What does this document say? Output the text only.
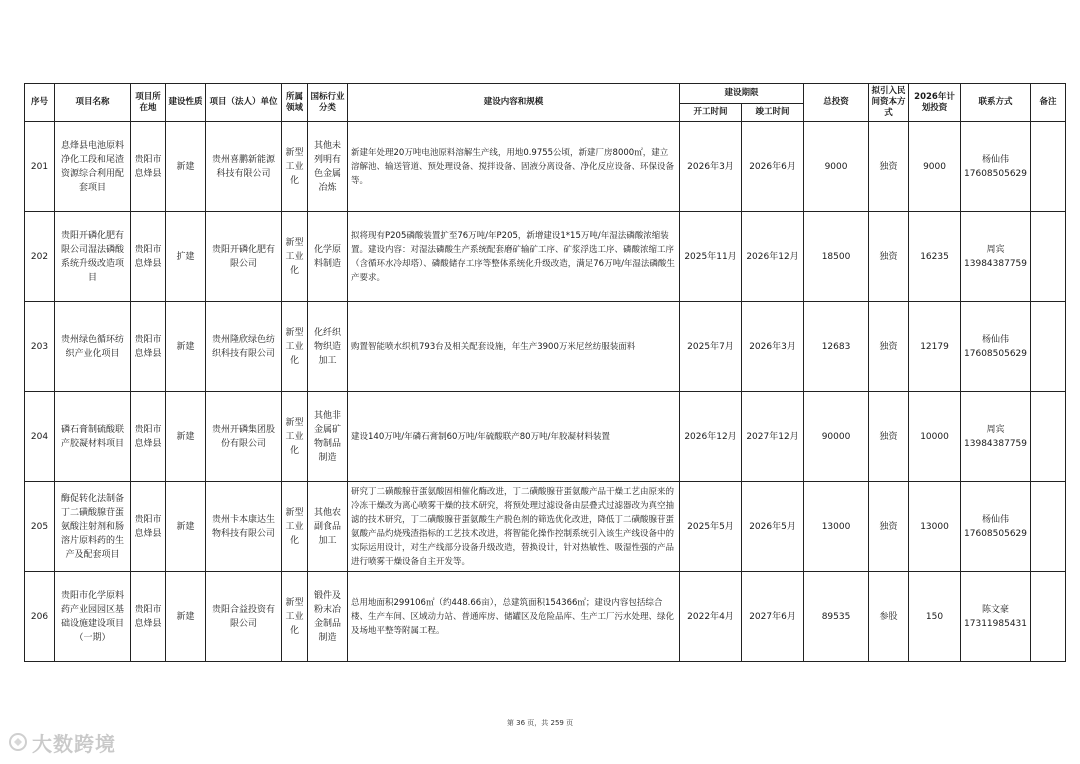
序号	项目名称	项目所在地	建设性质	项目（法人）单位	所属领域	国标行业分类	建设内容和规模	建设期限		总投资	拟引入民间资本方式	2026年计划投资	联系方式	备注
								开工时间	竣工时间					
201	息烽县电池原料净化工段和尾渣资源综合利用配套项目	贵阳市息烽县	新建	贵州喜鹏新能源科技有限公司	新型工业化	其他未列明有色金属冶炼	新建年处理20万吨电池原料溶解生产线，用地0.9755公顷，新建厂房8000㎡，建立溶解池、输送管道、预处理设备、搅拌设备、固液分离设备、净化反应设备、环保设备等。	2026年3月	2026年6月	9000	独资	9000	杨仙伟
17608505629	

202	贵阳开磷化肥有限公司湿法磷酸系统升级改造项目	贵阳市息烽县	扩建	贵阳开磷化肥有限公司	新型工业化	化学原料制造	拟将现有P205磷酸装置扩至76万吨/年P205，新增建设1*15万吨/年湿法磷酸浓缩装置。建设内容：对湿法磷酸生产系统配套磨矿输矿工序、矿浆浮选工序、磷酸浓缩工序（含循环水冷却塔）、磷酸储存工序等整体系统化升级改造，满足76万吨/年湿法磷酸生产要求。	2025年11月	2026年12月	18500	独资	16235	周宾
13984387759	

203	贵州绿色循环纺织产业化项目	贵阳市息烽县	新建	贵州隆欣绿色纺织科技有限公司	新型工业化	化纤织物织造加工	购置智能喷水织机793台及相关配套设施，年生产3900万米尼丝纺服装面料	2025年7月	2026年3月	12683	独资	12179	杨仙伟
17608505629	

204	磷石膏制硫酸联产胶凝材料项目	贵阳市息烽县	新建	贵州开磷集团股份有限公司	新型工业化	其他非金属矿物制品制造	建设140万吨/年磷石膏制60万吨/年硫酸联产80万吨/年胶凝材料装置	2026年12月	2027年12月	90000	独资	10000	周宾
13984387759	

205	酶促转化法制备丁二磺酸腺苷蛋氨酸注射剂和肠溶片原料药的生产及配套项目	贵阳市息烽县	新建	贵州卡本康达生物科技有限公司	新型工业化	其他农副食品加工	研究丁二磺酸腺苷蛋氨酸固相催化酶改进，丁二磺酸腺苷蛋氨酸产品干燥工艺由原来的冷冻干燥改为离心喷雾干燥的技术研究，将预处理过滤设备由层叠式过滤器改为真空抽滤的技术研究，丁二磺酸腺苷蛋氨酸生产脱色剂的筛选优化改进，降低丁二磺酸腺苷蛋氨酸产品灼烧残渣指标的工艺技术改进，将智能化操作控制系统引入该生产线设备中的实际运用设计，对生产线部分设备升级改造，替换设计，针对热敏性、吸湿性强的产品进行喷雾干燥设备自主开发等。	2025年5月	2026年5月	13000	独资	13000	杨仙伟
17608505629	

206	贵阳市化学原料药产业园园区基础设施建设项目（一期）	贵阳市息烽县	新建	贵阳合益投资有限公司	新型工业化	锻件及粉末冶金制品制造	总用地面积299106㎡（约448.66亩），总建筑面积154366㎡；建设内容包括综合楼、生产车间、区域动力站、普通库房、储罐区及危险品库、生产工厂污水处理、绿化及场地平整等附属工程。	2022年4月	2027年6月	89535	参股	150	陈文豪
17311985431	

第 36 页，共 259 页
大数跨境
